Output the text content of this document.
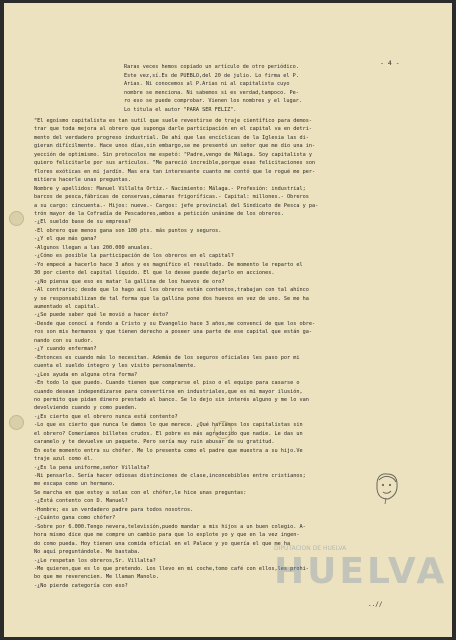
- 4 -
Raras veces hemos copiado un artículo de otro periódico.
Este vez,sí.Es de PUEBLO,del 20 de julio. Lo firma el P.
Arias. Ni conocemos al P.Arias ni al capitalista cuyo
nombre se menciona. Ni sabemos si es verdad,tampoco. Pe-
ro eso se puede comprobar. Vienen los nombres y el lugar.
Lo titula el autor "PARA SER FELIZ".
"El egoísmo capitalista es tan sutil que suele revestirse de traje científico para demos-
trar que toda mejora al obrero que suponga darle participación en el capital va en detri-
mento del verdadero progreso industrial. De ahí que las encíclicas de la Iglesia las di-
gieran difícilmente. Hace unos días,sin embargo,se me presentó un señor que me dio una in-
yección de optimismo. Sin protocolos me espetó: "Padre,vengo de Málaga. Soy capitalista y
quiero felicitarle por sus artículos. "Me pareció increíble,porque esas felicitaciones son
flores exóticas en mi jardín. Mas era tan interesante cuanto me contó que le rogué me per-
mitiera hacerle unas preguntas.
Nombre y apellidos: Manuel Villalta Ortiz.- Nacimiento: Málaga.- Profesión: industrial;
barcos de pesca,fábricas de conservas,cámaras frigoríficas.- Capital: millones.- Obreros
a su cargo: cincuenta.- Hijos: nueve.- Cargos: jefe provincial del Sindicato de Pesca y pa-
trón mayor de la Cofradía de Pescadores,ambos a petición unánime de los obreros.
-¿El sueldo base de su empresa?
-El obrero que menos gana son 100 pts. más puntos y seguros.
-¿Y el que más gana?
-Algunos llegan a las 200.000 anuales.
-¿Cómo es posible la participación de los obreros en el capital?
-Yo empecé a hacerlo hace 3 años y es magnífico el resultado. De momento le reparto el
30 por ciento del capital líquido. El que lo desee puede dejarlo en acciones.
-¿No piensa que eso es matar la gallina de los huevos de oro?
-Al contrario; desde que lo hago así los obreros están contentos,trabajan con tal ahínco
y se responsabilizan de tal forma que la gallina pone dos huevos en vez de uno. Se me ha
aumentado el capital.
-¿Se puede saber qué le movió a hacer ésto?
-Desde que conocí a fondo a Cristo y su Evangelio hace 3 años,me convencí de que los obre-
ros son mis hermanos y que tienen derecho a poseer una parte de ese capital que están ga-
nando con su sudor.
-¿Y cuando enferman?
-Entonces es cuando más lo necesitan. Además de los seguros oficiales les paso por mi
cuenta el sueldo íntegro y les visito personalmente.
-¿Les ayuda en alguna otra forma?
-En todo lo que puedo. Cuando tienen que comprarse el piso o el equipo para casarse o
cuando desean independizarse para convertirse en industriales,que es mi mayor ilusión,
no permito que pidan dinero prestado al banco. Se lo dejo sin interés alguno y me lo van
devolviendo cuando y como pueden.
-¿Es cierto que el obrero nunca está contento?
-Lo que es cierto que nunca le damos lo que merece. ¿Qué haríamos los capitalistas sin
el obrero? Comeríamos billetes crudos. El pobre es más agradecido que nadie. Le das un
caramelo y te devuelve un paquete. Pero sería muy ruin abusar de su gratitud.
En este momento entra su chófer. Me lo presenta como el padre que muestra a su hijo.Ve
traje azul como él.
-¿Es la pena uniforme,señor Villalta?
-Ni pensarlo. Sería hacer odiosas distinciones de clase,inconcebibles entre cristianos;
me escapa como un hermano.
Se marcha en que estoy a solas con el chófer,le hice unas preguntas:
-¿Está contento con D. Manuel?
-Hombre; es un verdadero padre para todos nosotros.
-¿Cuánto gana como chófer?
-Sobre por 6.000.Tengo nevera,televisión,puedo mandar a mis hijos a un buen colegio. A-
hora mismo dice que me compre un cambio para que lo explote yo y que en la vez ingen-
do como pueda. Hoy tienen una comida oficial en el Palace y yo quería el que me ha
No aquí preguntándole. Me bastaba.
-¿Le respetan los obreros,Sr. Villalta?
-Me quieren,que es lo que pretendo. Los llevo en mi coche,tomo café con ellos,les prohi-
bo que me reverencien. Me llaman Manolo.
-¿No pierde categoría con eso?
DIPUTACIÓN DE HUELVA
HUELVA
..//
